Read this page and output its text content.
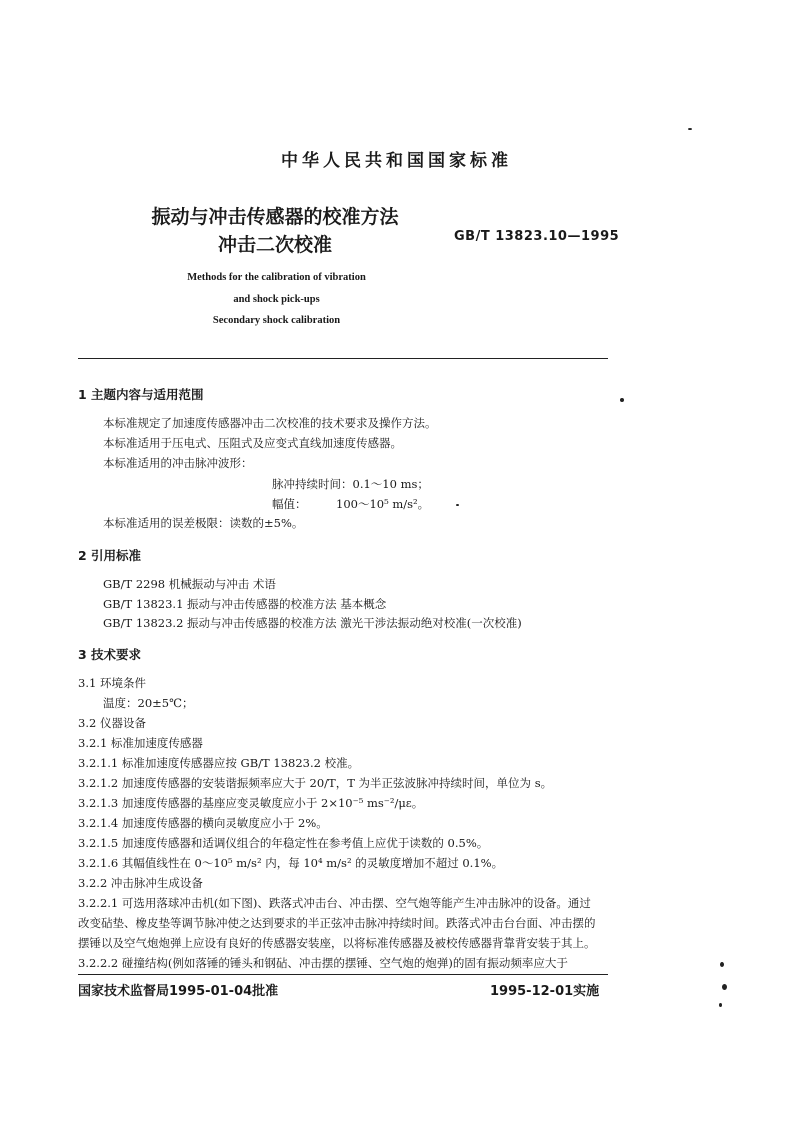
中华人民共和国国家标准
振动与冲击传感器的校准方法
冲击二次校准	GB/T 13823.10—1995
Methods for the calibration of vibration
and shock pick-ups
Secondary shock calibration
1 主题内容与适用范围
本标准规定了加速度传感器冲击二次校准的技术要求及操作方法。
本标准适用于压电式、压阻式及应变式直线加速度传感器。
本标准适用的冲击脉冲波形：
脉冲持续时间：0.1～10 ms；
幅值：	100～10⁵ m/s²。
本标准适用的误差极限：读数的±5%。
2 引用标准
GB/T 2298 机械振动与冲击 术语
GB/T 13823.1 振动与冲击传感器的校准方法 基本概念
GB/T 13823.2 振动与冲击传感器的校准方法 激光干涉法振动绝对校准(一次校准)
3 技术要求
3.1 环境条件
温度：20±5℃；
3.2 仪器设备
3.2.1 标准加速度传感器
3.2.1.1 标准加速度传感器应按 GB/T 13823.2 校准。
3.2.1.2 加速度传感器的安装谐振频率应大于 20/T，T 为半正弦波脉冲持续时间，单位为 s。
3.2.1.3 加速度传感器的基座应变灵敏度应小于 2×10⁻⁵ ms⁻²/με。
3.2.1.4 加速度传感器的横向灵敏度应小于 2%。
3.2.1.5 加速度传感器和适调仪组合的年稳定性在参考值上应优于读数的 0.5%。
3.2.1.6 其幅值线性在 0～10⁵ m/s² 内，每 10⁴ m/s² 的灵敏度增加不超过 0.1%。
3.2.2 冲击脉冲生成设备
3.2.2.1 可选用落球冲击机(如下图)、跌落式冲击台、冲击摆、空气炮等能产生冲击脉冲的设备。通过
改变砧垫、橡皮垫等调节脉冲使之达到要求的半正弦冲击脉冲持续时间。跌落式冲击台台面、冲击摆的
摆锤以及空气炮炮弹上应设有良好的传感器安装座，以将标准传感器及被校传感器背靠背安装于其上。
3.2.2.2 碰撞结构(例如落锤的锤头和钢砧、冲击摆的摆锤、空气炮的炮弹)的固有振动频率应大于
国家技术监督局1995-01-04批准	1995-12-01实施
